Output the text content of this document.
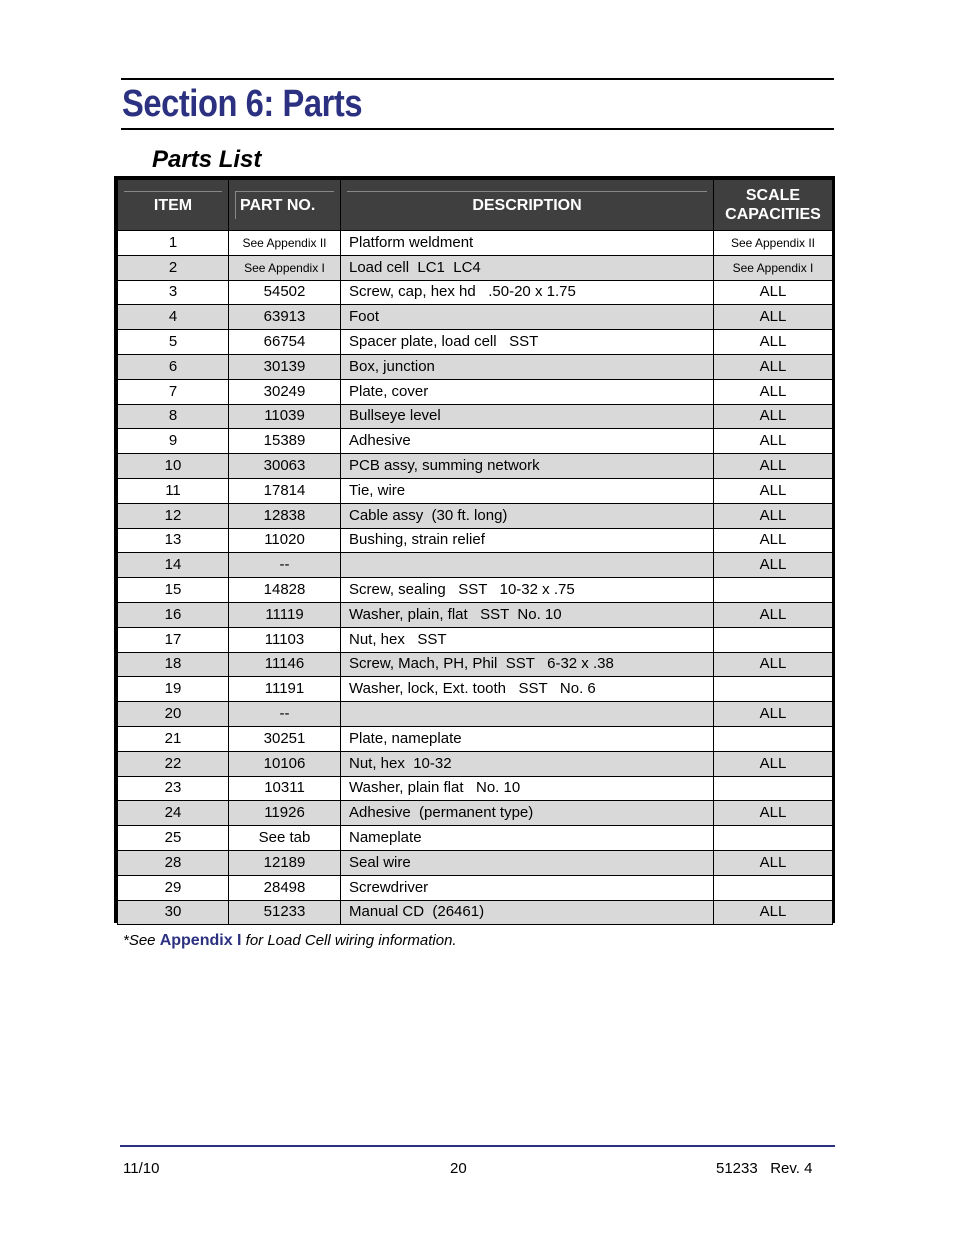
Section 6: Parts
Parts List
ITEM	PART NO.	DESCRIPTION	SCALE CAPACITIES

1	See Appendix II	Platform weldment	See Appendix II
2	See Appendix I	Load cell  LC1  LC4	See Appendix I
3	54502	Screw, cap, hex hd   .50-20 x 1.75	ALL
4	63913	Foot	ALL
5	66754	Spacer plate, load cell   SST	ALL
6	30139	Box, junction	ALL
7	30249	Plate, cover	ALL
8	11039	Bullseye level	ALL
9	15389	Adhesive	ALL
10	30063	PCB assy, summing network	ALL
11	17814	Tie, wire	ALL
12	12838	Cable assy  (30 ft. long)	ALL
13	11020	Bushing, strain relief	ALL
14	--		ALL
15	14828	Screw, sealing   SST   10-32 x .75	
16	11119	Washer, plain, flat   SST  No. 10	ALL
17	11103	Nut, hex   SST	
18	11146	Screw, Mach, PH, Phil  SST   6-32 x .38	ALL
19	11191	Washer, lock, Ext. tooth   SST   No. 6	
20	--		ALL
21	30251	Plate, nameplate	
22	10106	Nut, hex  10-32	ALL
23	10311	Washer, plain flat   No. 10	
24	11926	Adhesive  (permanent type)	ALL
25	See tab	Nameplate	
28	12189	Seal wire	ALL
29	28498	Screwdriver	
30	51233	Manual CD  (26461)	ALL

*See Appendix I for Load Cell wiring information.

11/10	20	51233   Rev. 4
